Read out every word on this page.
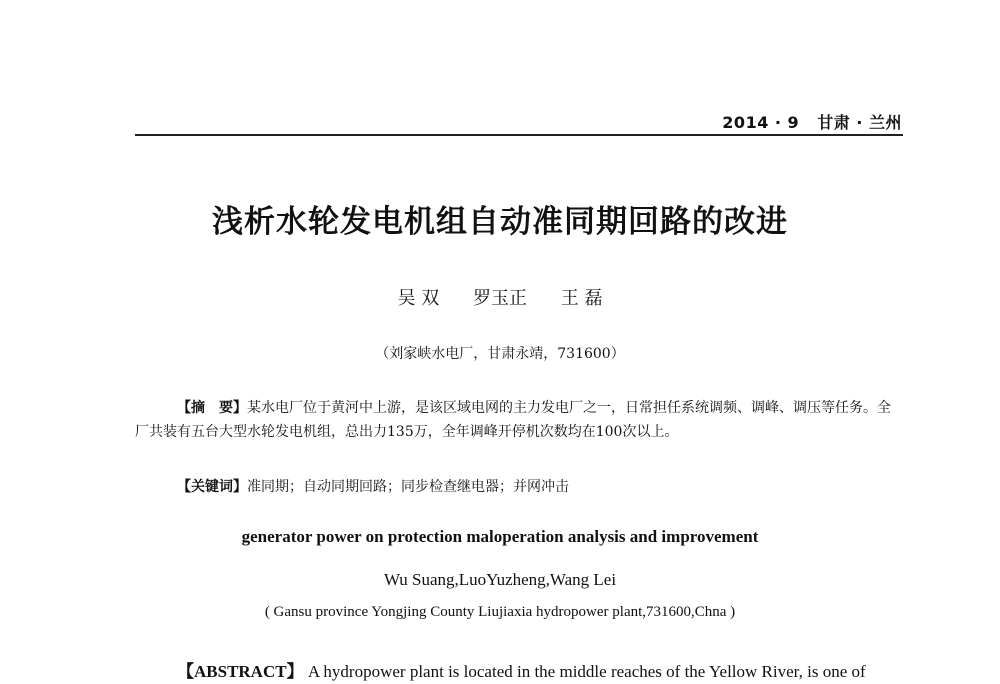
2014 · 9 甘肃 · 兰州
浅析水轮发电机组自动准同期回路的改进
吴 双 罗玉正 王 磊
（刘家峡水电厂，甘肃永靖，731600）

【摘　要】某水电厂位于黄河中上游，是该区域电网的主力发电厂之一，日常担任系统调频、调峰、调压等任务。全厂共装有五台大型水轮发电机组，总出力135万，全年调峰开停机次数均在100次以上。

【关键词】准同期；自动同期回路；同步检查继电器；并网冲击
generator power on protection maloperation analysis and improvement
Wu Suang,LuoYuzheng,Wang Lei
( Gansu province Yongjing County Liujiaxia hydropower plant,731600,Chna )
【ABSTRACT】 A hydropower plant is located in the middle reaches of the Yellow River, is one of
